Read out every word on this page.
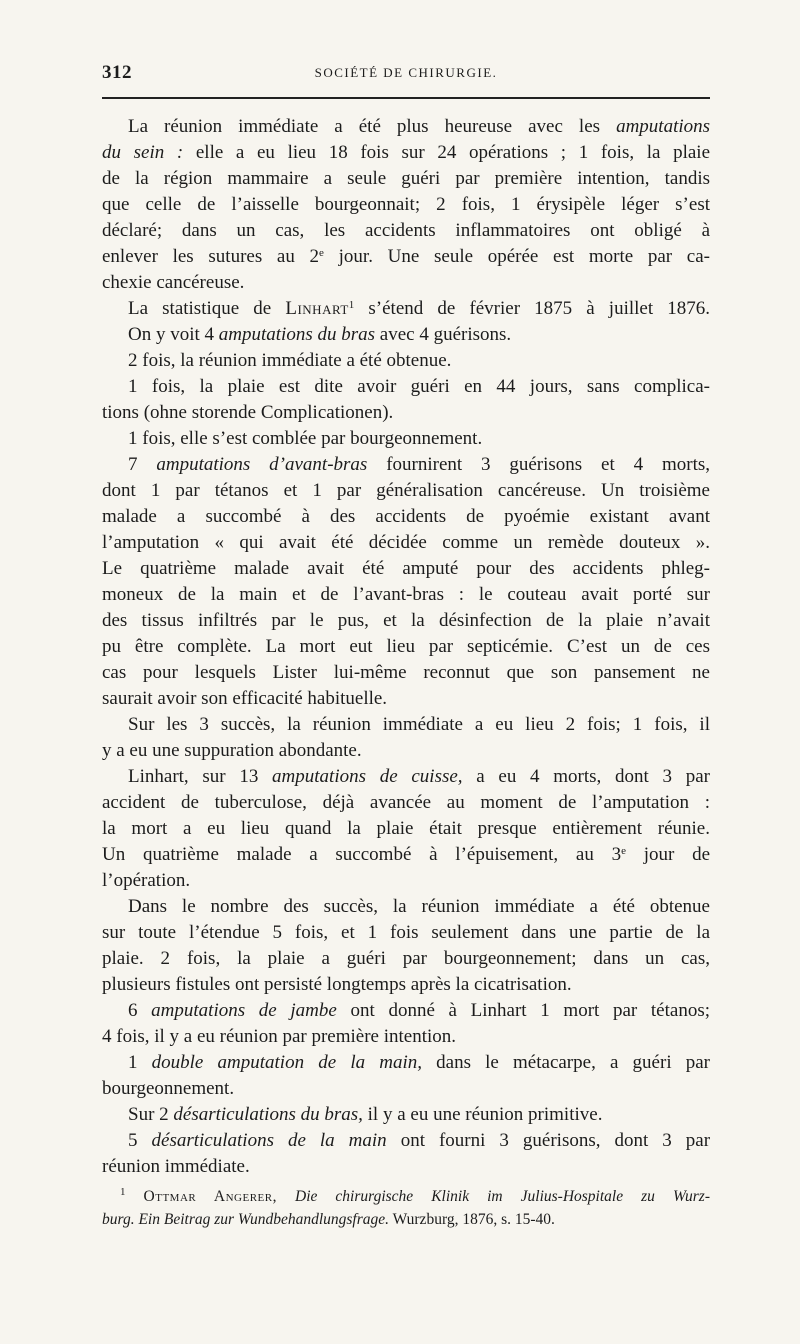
312	SOCIÉTÉ DE CHIRURGIE.
La réunion immédiate a été plus heureuse avec les amputations
du sein : elle a eu lieu 18 fois sur 24 opérations ; 1 fois, la plaie
de la région mammaire a seule guéri par première intention, tandis
que celle de l’aisselle bourgeonnait; 2 fois, 1 érysipèle léger s’est
déclaré; dans un cas, les accidents inflammatoires ont obligé à
enlever les sutures au 2e jour. Une seule opérée est morte par ca-
chexie cancéreuse.
La statistique de Linhart$^1$ s’étend de février 1875 à juillet 1876.
On y voit 4 amputations du bras avec 4 guérisons.
2 fois, la réunion immédiate a été obtenue.
1 fois, la plaie est dite avoir guéri en 44 jours, sans complica-
tions (ohne storende Complicationen).
1 fois, elle s’est comblée par bourgeonnement.
7 amputations d’avant-bras fournirent 3 guérisons et 4 morts,
dont 1 par tétanos et 1 par généralisation cancéreuse. Un troisième
malade a succombé à des accidents de pyoémie existant avant
l’amputation « qui avait été décidée comme un remède douteux ».
Le quatrième malade avait été amputé pour des accidents phleg-
moneux de la main et de l’avant-bras : le couteau avait porté sur
des tissus infiltrés par le pus, et la désinfection de la plaie n’avait
pu être complète. La mort eut lieu par septicémie. C’est un de ces
cas pour lesquels Lister lui-même reconnut que son pansement ne
saurait avoir son efficacité habituelle.
Sur les 3 succès, la réunion immédiate a eu lieu 2 fois; 1 fois, il
y a eu une suppuration abondante.
Linhart, sur 13 amputations de cuisse, a eu 4 morts, dont 3 par
accident de tuberculose, déjà avancée au moment de l’amputation :
la mort a eu lieu quand la plaie était presque entièrement réunie.
Un quatrième malade a succombé à l’épuisement, au 3e jour de
l’opération.
Dans le nombre des succès, la réunion immédiate a été obtenue
sur toute l’étendue 5 fois, et 1 fois seulement dans une partie de la
plaie. 2 fois, la plaie a guéri par bourgeonnement; dans un cas,
plusieurs fistules ont persisté longtemps après la cicatrisation.
6 amputations de jambe ont donné à Linhart 1 mort par tétanos;
4 fois, il y a eu réunion par première intention.
1 double amputation de la main, dans le métacarpe, a guéri par
bourgeonnement.
Sur 2 désarticulations du bras, il y a eu une réunion primitive.
5 désarticulations de la main ont fourni 3 guérisons, dont 3 par
réunion immédiate.
$^1$ Ottmar Angerer, Die chirurgische Klinik im Julius-Hospitale zu Wurz-
burg. Ein Beitrag zur Wundbehandlungsfrage. Wurzburg, 1876, s. 15-40.
